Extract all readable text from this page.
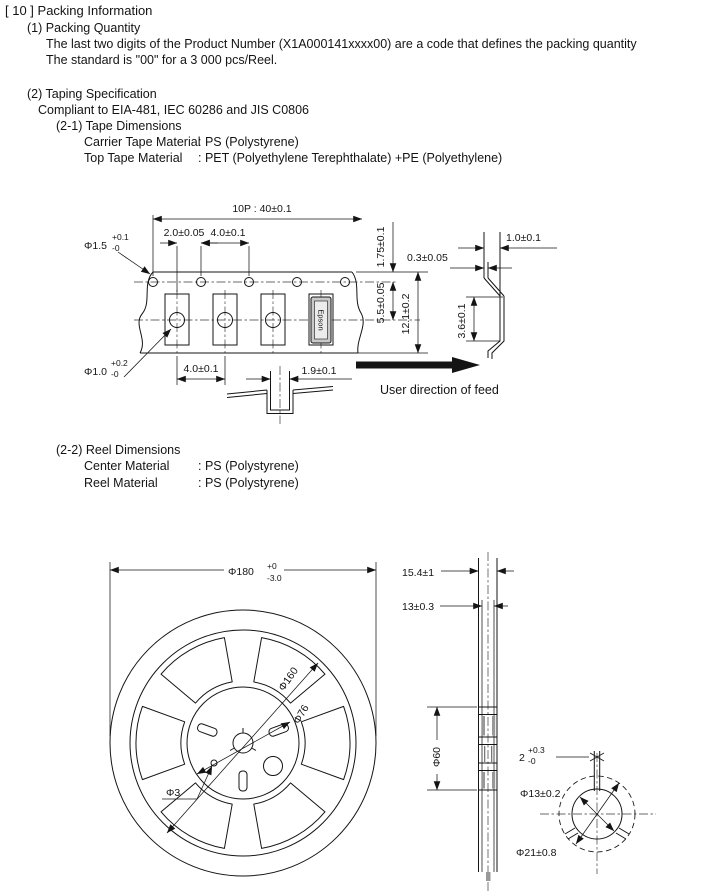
[ 10 ] Packing Information
(1) Packing Quantity
The last two digits of the Product Number (X1A000141xxxx00) are a code that defines the packing quantity
The standard is "00" for a 3 000 pcs/Reel.
(2) Taping Specification
Compliant to EIA-481, IEC 60286 and JIS C0806
(2-1) Tape Dimensions
Carrier Tape Material: PS (Polystyrene)
Top Tape Material : PET (Polyethylene Terephthalate) +PE (Polyethylene)
(2-2) Reel Dimensions
Center Material : PS (Polystyrene)
Reel Material	: PS (Polystyrene)
Epson
10P : 40±0.1
2.0±0.05 4.0±0.1
Φ1.5
+0.1
-0
Φ1.0
+0.2
-0	4.0±0.1	1.9±0.1
1.75±0.1
5.5±0.05 12.1±0.2
1.0±0.1
0.3±0.05
3.6±0.1
User direction of feed
Φ180 +0
-3.0
Φ160
Φ76
Φ3
15.4±1
13±0.3
Φ60	2
+0.3
-0
Φ13±0.2
Φ21±0.8
